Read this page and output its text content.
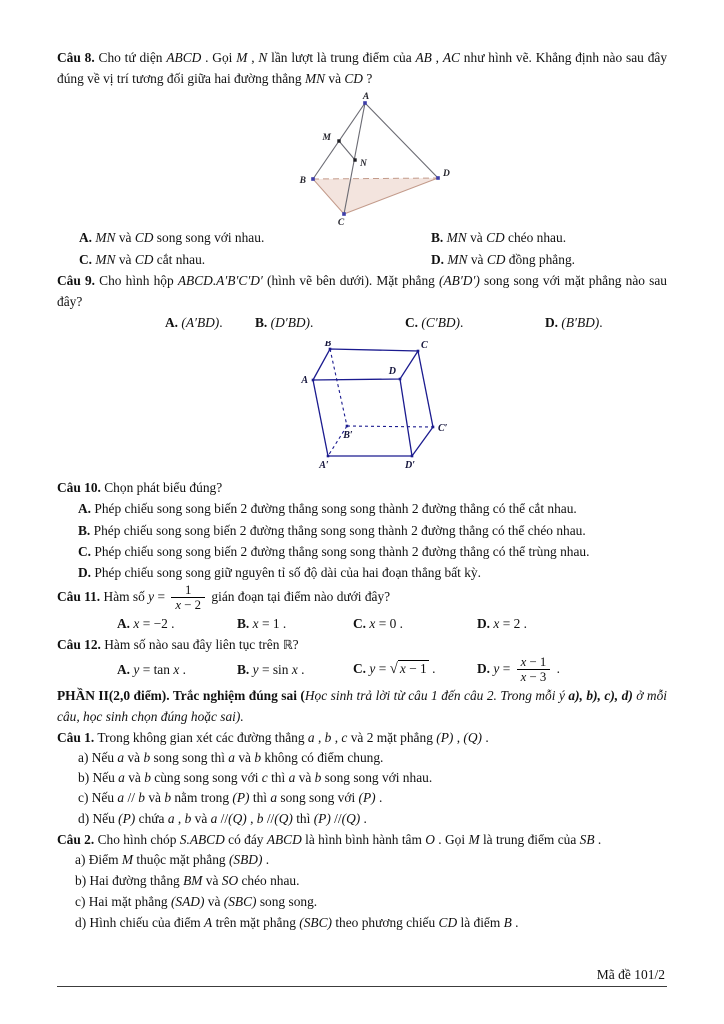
Câu 8. Cho tứ diện ABCD . Gọi M , N lần lượt là trung điểm của AB , AC như hình vẽ. Khẳng định nào sau đây đúng về vị trí tương đối giữa hai đường thẳng MN và CD ?

A
M
N
B
C
D
A. MN và CD song song với nhau.	B. MN và CD chéo nhau.
C. MN và CD cắt nhau.	D. MN và CD đồng phẳng.

Câu 9. Cho hình hộp ABCD.A′B′C′D′ (hình vẽ bên dưới). Mặt phẳng (AB′D′) song song với mặt phẳng nào sau đây?

A. (A′BD).	B. (D′BD).	C. (C′BD).	D. (B′BD).
A
B	C
D
A′
B′
C′
D′

Câu 10. Chọn phát biểu đúng?

A. Phép chiếu song song biến 2 đường thẳng song song thành 2 đường thẳng có thể cắt nhau.

B. Phép chiếu song song biến 2 đường thẳng song song thành 2 đường thẳng có thể chéo nhau.

C. Phép chiếu song song biến 2 đường thẳng song song thành 2 đường thẳng có thể trùng nhau.

D. Phép chiếu song song giữ nguyên tỉ số độ dài của hai đoạn thẳng bất kỳ.

Câu 11. Hàm số $y = \frac{1}{x - 2}$ gián đoạn tại điểm nào dưới đây?

A. x = −2 .	B. x = 1 .	C. x = 0 .	D. x = 2 .

Câu 12. Hàm số nào sau đây liên tục trên ℝ?

A. y = tan x .	B. y = sin x .	C. y = √ x − 1 .	D. $y = \frac{x - 1}{x - 3}$ .

PHẦN II(2,0 điểm). Trắc nghiệm đúng sai (Học sinh trả lời từ câu 1 đến câu 2. Trong mỗi ý a), b), c), d) ở mỗi câu, học sinh chọn đúng hoặc sai).

Câu 1. Trong không gian xét các đường thẳng a , b , c và 2 mặt phẳng (P) , (Q) .

a) Nếu a và b song song thì a và b không có điểm chung.

b) Nếu a và b cùng song song với c thì a và b song song với nhau.

c) Nếu a // b và b nằm trong (P) thì a song song với (P) .

d) Nếu (P) chứa a , b và a //(Q) , b //(Q) thì (P) //(Q) .

Câu 2. Cho hình chóp S.ABCD có đáy ABCD là hình bình hành tâm O . Gọi M là trung điểm của SB .

a) Điểm M thuộc mặt phẳng (SBD) .

b) Hai đường thẳng BM và SO chéo nhau.

c) Hai mặt phẳng (SAD) và (SBC) song song.

d) Hình chiếu của điểm A trên mặt phẳng (SBC) theo phương chiếu CD là điểm B .

Mã đề 101/2
